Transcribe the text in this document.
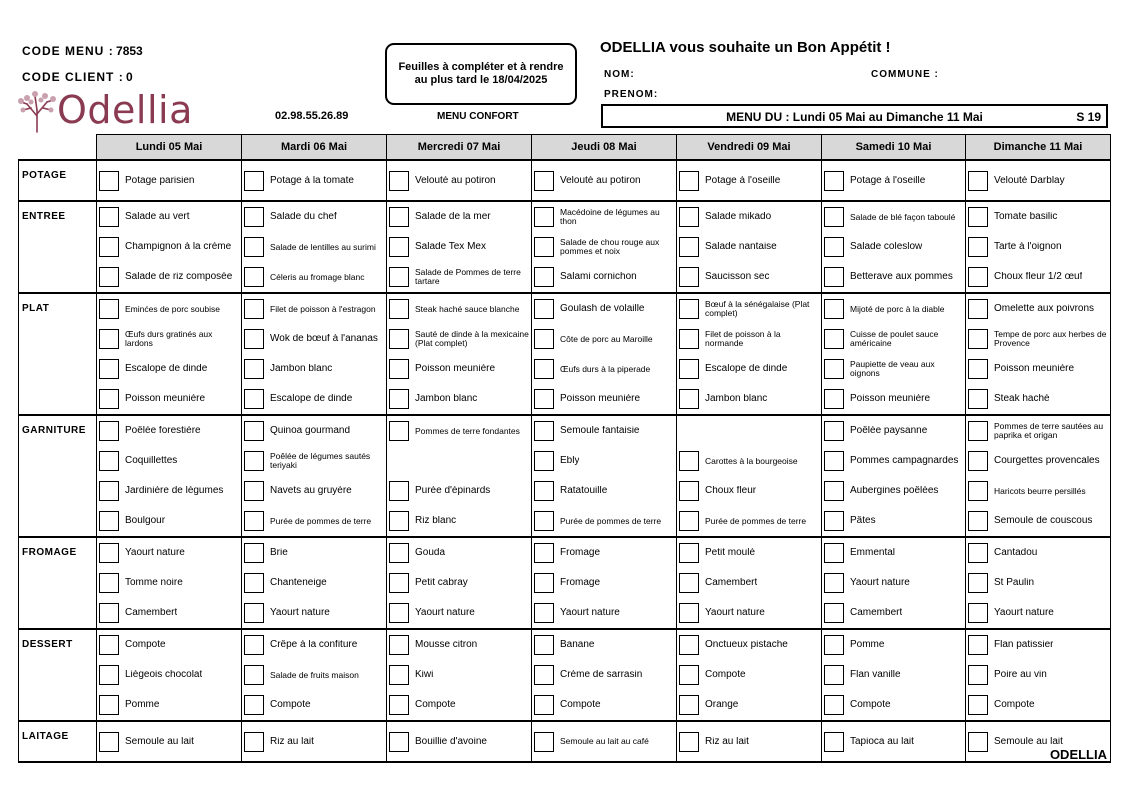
CODE MENU : 7853
CODE CLIENT : 0
Odellia	02.98.55.26.89	MENU CONFORT
Feuilles à compléter et à rendre
au plus tard le 18/04/2025
ODELLIA vous souhaite un Bon Appétit !
NOM:
PRENOM:
COMMUNE :
MENU DU : Lundi 05 Mai au Dimanche 11 Mai	S 19
	Lundi 05 Mai	Mardi 06 Mai	Mercredi 07 Mai	Jeudi 08 Mai	Vendredi 09 Mai	Samedi 10 Mai	Dimanche 11 Mai
POTAGE	Potage parisien	Potage à la tomate	Velouté au potiron	Velouté au potiron	Potage à l'oseille	Potage à l'oseille	Velouté Darblay

ENTREE	Salade au vert	Salade du chef	Salade de la mer	Macédoine de légumes au thon	Salade mikado	Salade de blé façon taboulé	Tomate basilic

	Champignon à la crème	Salade de lentilles au surimi	Salade Tex Mex	Salade de chou rouge aux pommes et noix	Salade nantaise	Salade coleslow	Tarte à l'oignon

	Salade de riz composée	Céleris au fromage blanc	Salade de Pommes de terre tartare	Salami cornichon	Saucisson sec	Betterave aux pommes	Choux fleur 1/2 œuf

PLAT	Eminćes de porc soubise	Filet de poisson à l'estragon	Steak haché sauce blanche	Goulash de volaille	Bœuf à la sénégalaise (Plat complet)	Mijoté de porc à la diable	Omelette aux poivrons

	Œufs durs gratinés aux lardons	Wok de bœuf à l'ananas	Sauté de dinde à la mexicaine (Plat complet)	Côte de porc au Maroille	Filet de poisson à la normande	Cuisse de poulet sauce américaine	Tempe de porc aux herbes de Provence

	Escalope de dinde	Jambon blanc	Poisson meunière	Œufs durs à la piperade	Escalope de dinde	Paupiette de veau aux oignons	Poisson meunière

	Poisson meunière	Escalope de dinde	Jambon blanc	Poisson meunière	Jambon blanc	Poisson meunière	Steak haché

GARNITURE	Poêlée forestière	Quinoa gourmand	Pommes de terre fondantes	Semoule fantaisie		Poêlée paysanne	Pommes de terre sautées au paprika et origan

	Coquillettes	Poêlée de légumes sautés teriyaki		Ebly	Carottes à la bourgeoise	Pommes campagnardes	Courgettes provencales

	Jardinière de légumes	Navets au gruyère	Purée d'épinards	Ratatouille	Choux fleur	Aubergines poêlées	Haricots beurre persillés

	Boulgour	Purée de pommes de terre	Riz blanc	Purée de pommes de terre	Purée de pommes de terre	Pâtes	Semoule de couscous

FROMAGE	Yaourt nature	Brie	Gouda	Fromage	Petit moulé	Emmental	Cantadou

	Tomme noire	Chanteneige	Petit cabray	Fromage	Camembert	Yaourt nature	St Paulin

	Camembert	Yaourt nature	Yaourt nature	Yaourt nature	Yaourt nature	Camembert	Yaourt nature

DESSERT	Compote	Crêpe à la confiture	Mousse citron	Banane	Onctueux pistache	Pomme	Flan patissier

	Liégeois chocolat	Salade de fruits maison	Kiwi	Crème de sarrasin	Compote	Flan vanille	Poire au vin

	Pomme	Compote	Compote	Compote	Orange	Compote	Compote

LAITAGE	Semoule au lait	Riz au lait	Bouillie d'avoine	Semoule au lait au café	Riz au lait	Tapioca au lait	Semoule au lait
ODELLIA
